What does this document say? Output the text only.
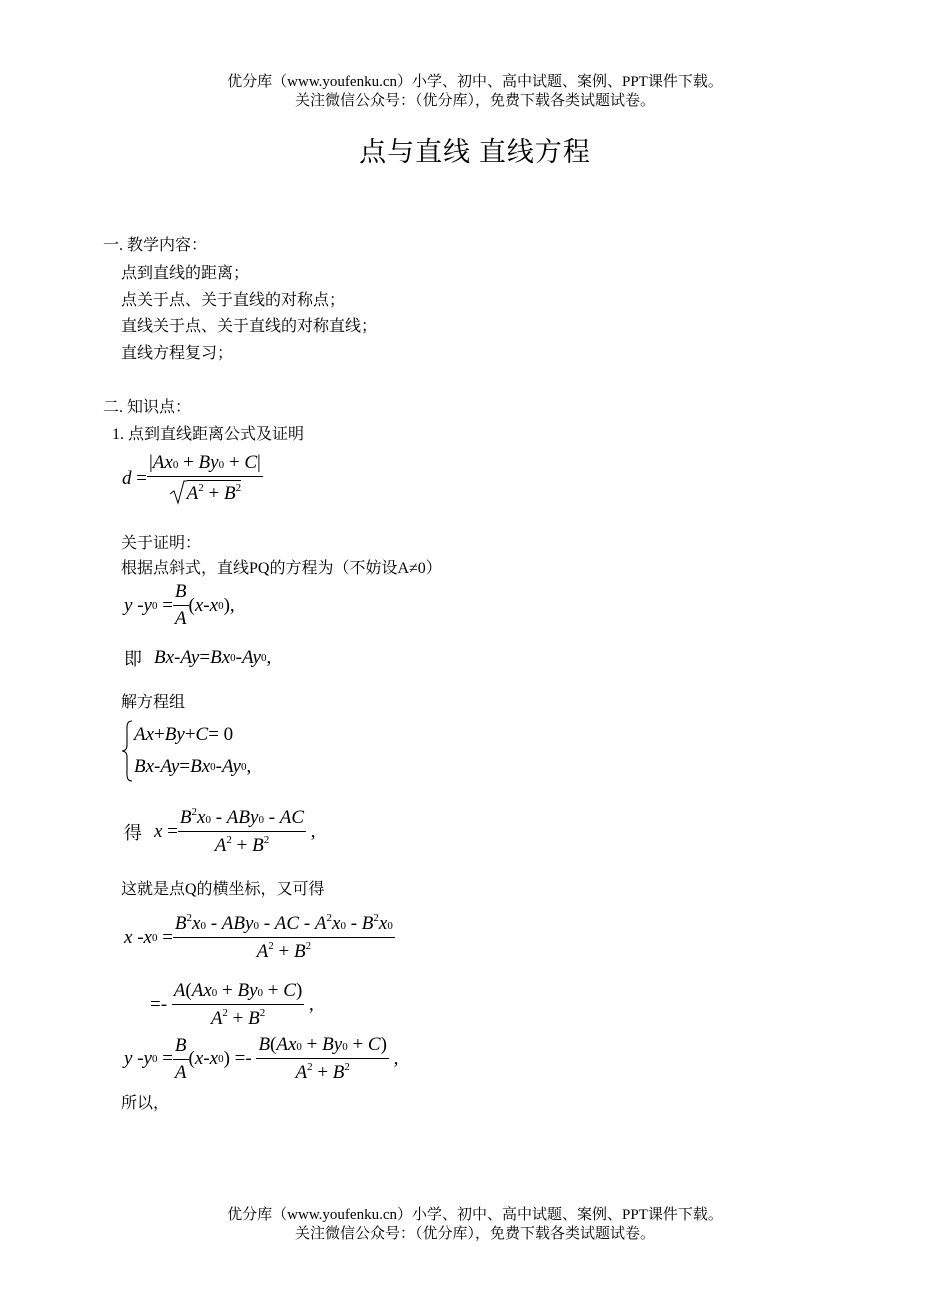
优分库（www.youfenku.cn）小学、初中、高中试题、案例、PPT课件下载。
关注微信公众号：（优分库），免费下载各类试题试卷。
点与直线 直线方程
一. 教学内容：
点到直线的距离；
点关于点、关于直线的对称点；
直线关于点、关于直线的对称直线；
直线方程复习；
二. 知识点：
1. 点到直线距离公式及证明
$d = \frac{|Ax0 + By0 + C|}{A^2 + B^2}$
关于证明：
根据点斜式，直线PQ的方程为（不妨设A≠0）
y - y $0 = \frac{B}{A}$ ( x - x 0 ),
即 Bx - Ay = Bx 0 - Ay 0 ,
解方程组
Ax + By + C = 0
Bx - Ay = Bx 0 - Ay 0 ,
得 $x = \frac{B^2x0 - ABy0 - AC}{A^2 + B^2}$ ,
这就是点Q的横坐标，又可得
x - x $0 = \frac{B^2x0 - ABy0 - AC - A^2x0 - B^2x0}{A^2 + B^2}$
=- $\frac{A(Ax0 + By0 + C)}{A^2 + B^2}$ ,
y - y $0 = \frac{B}{A}$ ( x - x 0 ) =- $\frac{B(Ax0 + By0 + C)}{A^2 + B^2}$ ,
所以，
优分库（www.youfenku.cn）小学、初中、高中试题、案例、PPT课件下载。
关注微信公众号：（优分库），免费下载各类试题试卷。
